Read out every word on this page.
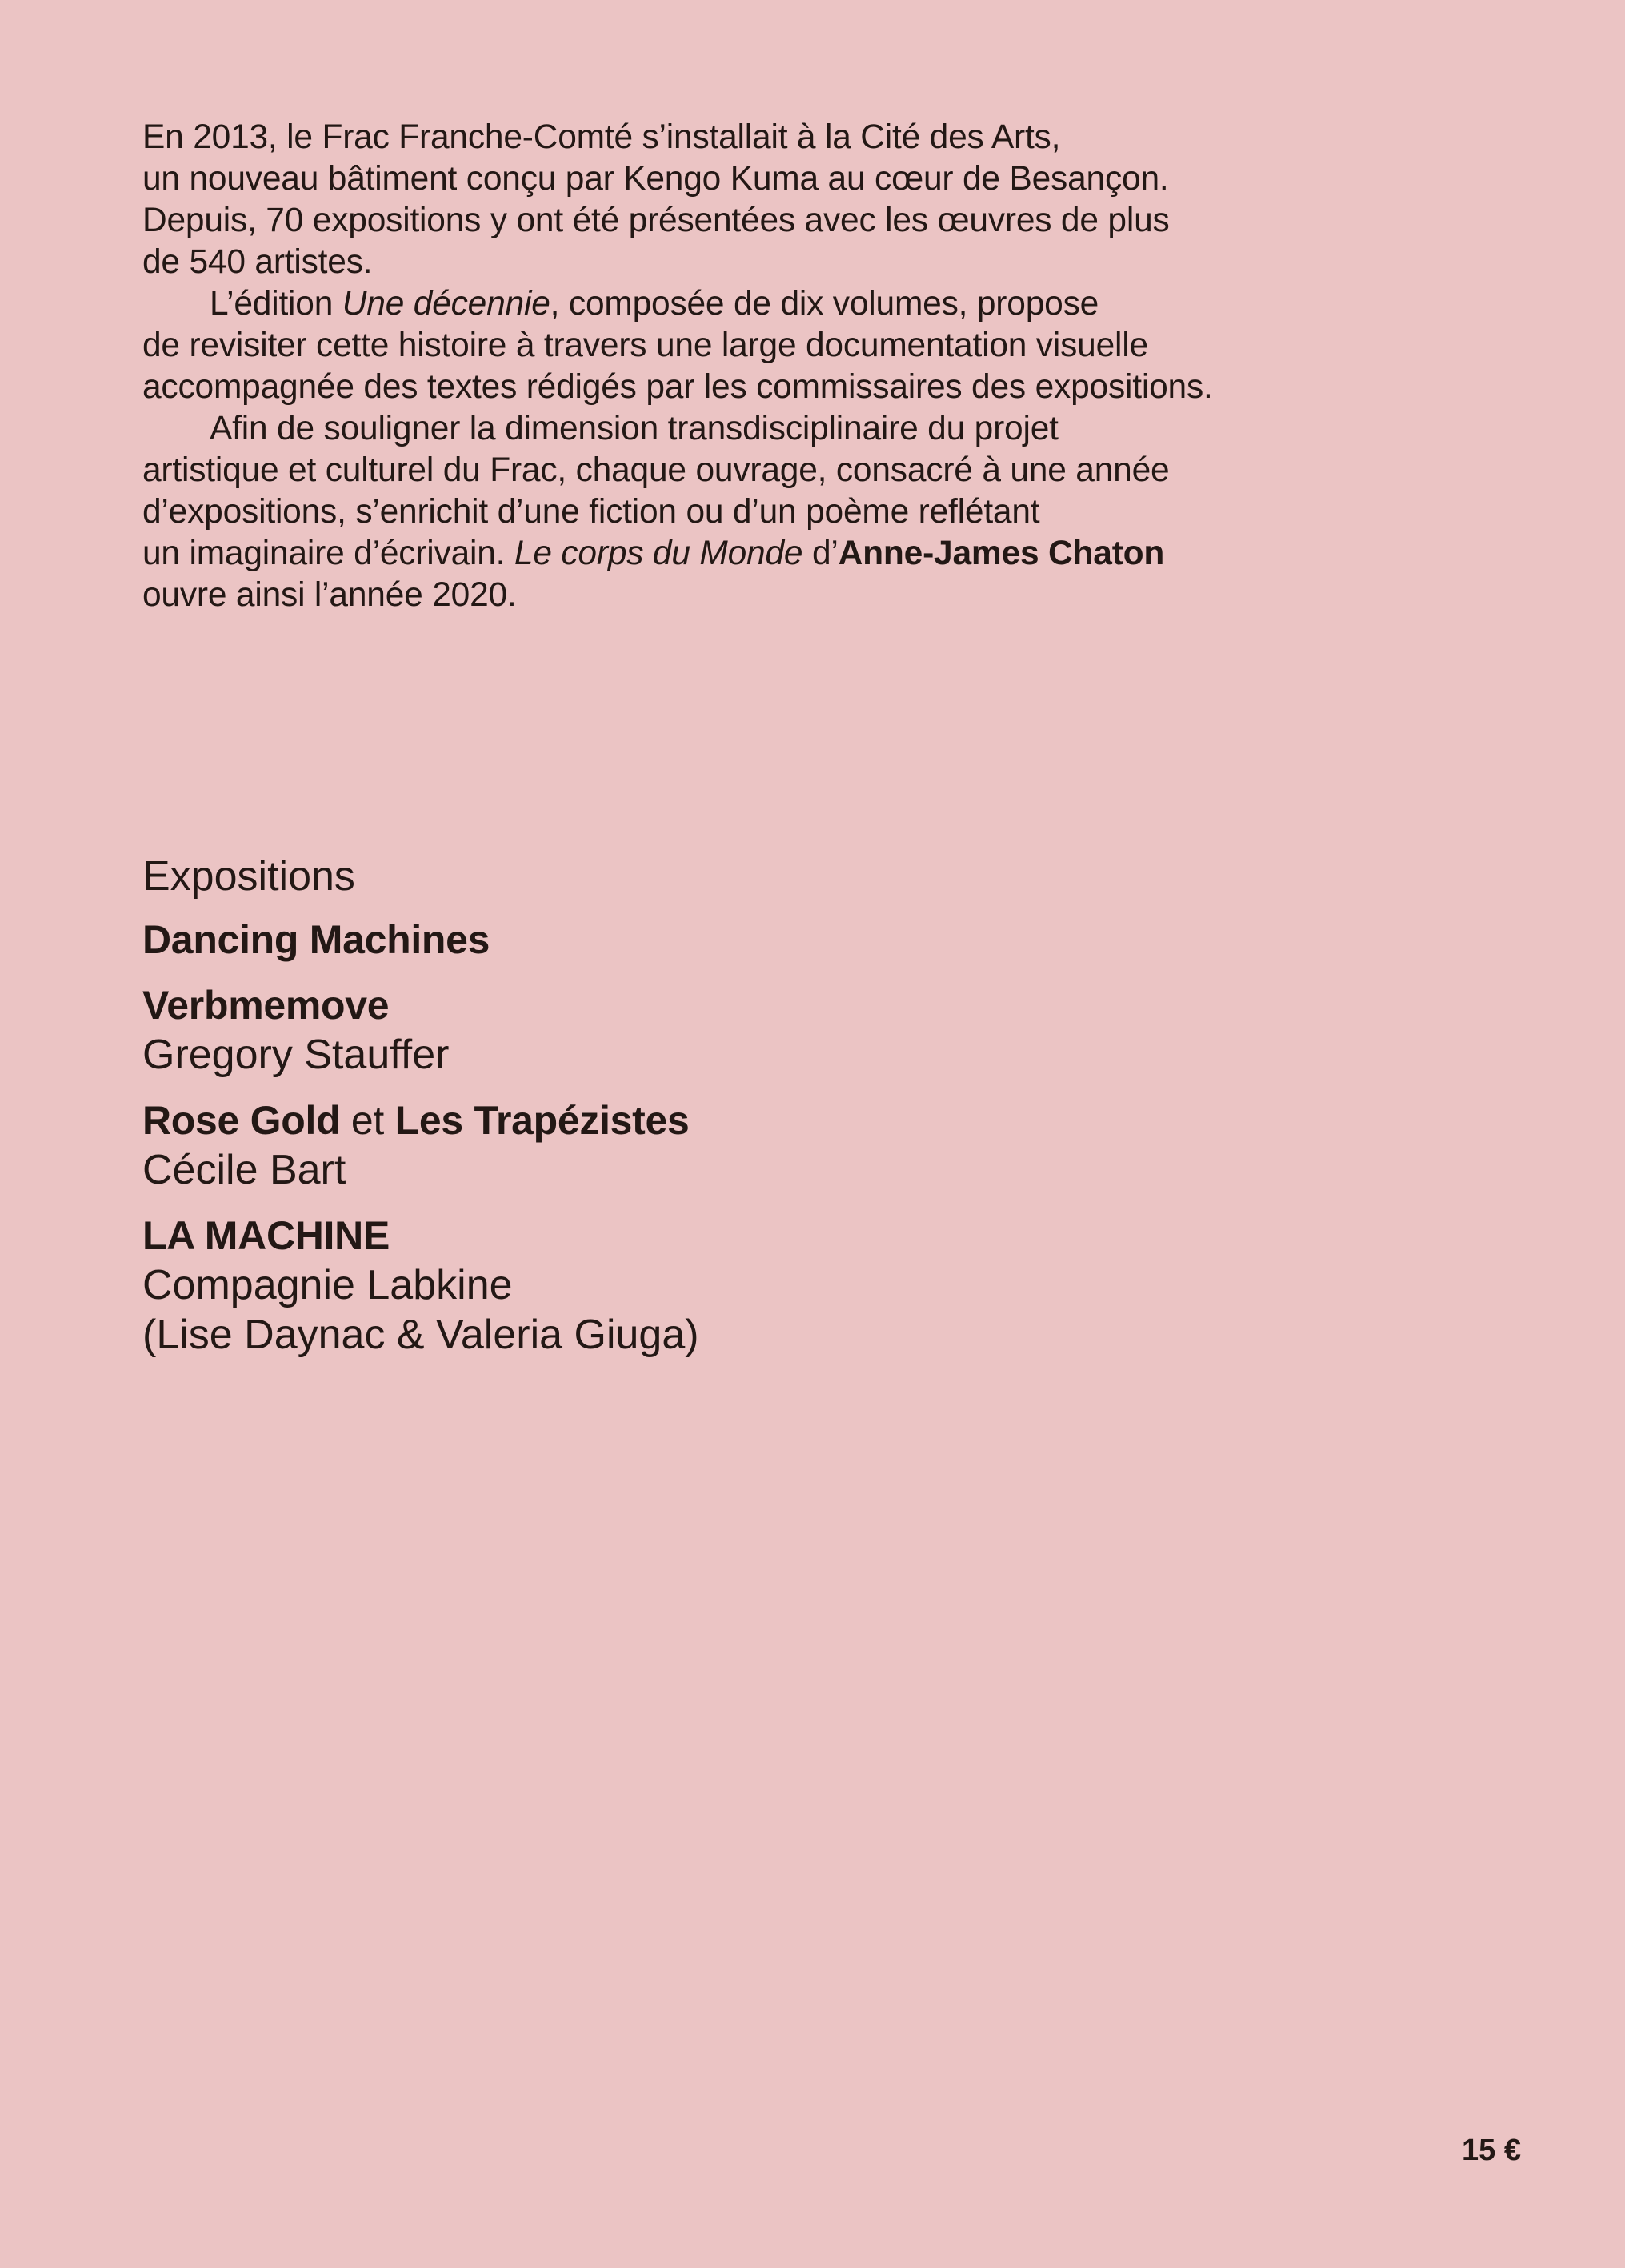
En 2013, le Frac Franche-Comté s’installait à la Cité des Arts,
un nouveau bâtiment conçu par Kengo Kuma au cœur de Besançon.
Depuis, 70 expositions y ont été présentées avec les œuvres de plus
de 540 artistes.

L’édition Une décennie, composée de dix volumes, propose
de revisiter cette histoire à travers une large documentation visuelle
accompagnée des textes rédigés par les commissaires des expositions.

Afin de souligner la dimension transdisciplinaire du projet
artistique et culturel du Frac, chaque ouvrage, consacré à une année
d’expositions, s’enrichit d’une fiction ou d’un poème reflétant
un imaginaire d’écrivain. Le corps du Monde d’Anne-James Chaton
ouvre ainsi l’année 2020.

Expositions
Dancing Machines
Verbmemove
Gregory Stauffer
Rose Gold et Les Trapézistes
Cécile Bart
LA MACHINE
Compagnie Labkine
(Lise Daynac & Valeria Giuga)
15 €
